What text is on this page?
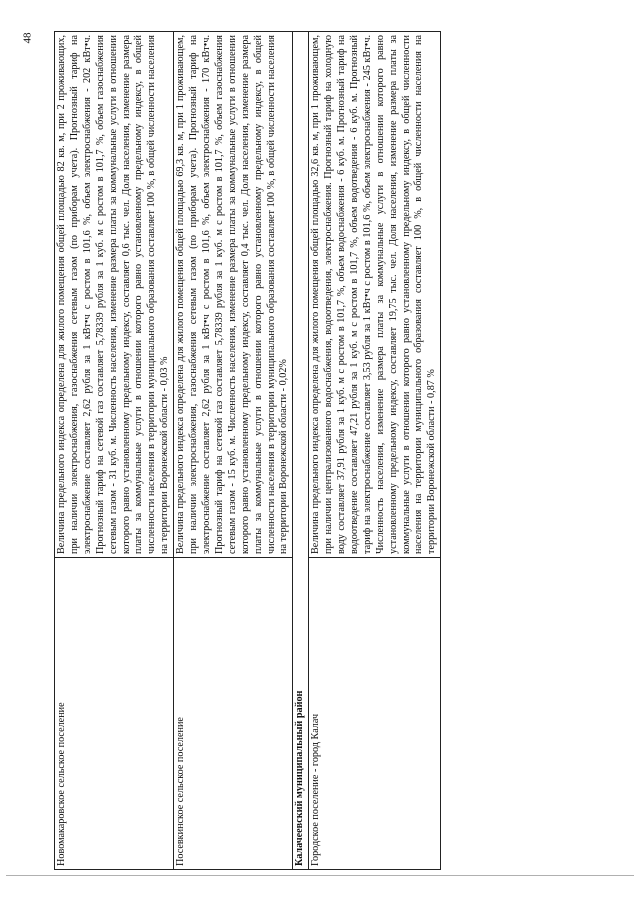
48
Новомакаровское сельское поселение	Величина предельного индекса определена для жилого помещения общей площадью 82 кв. м, при 2 проживающих, при наличии электроснабжения, газоснабжения сетевым газом (по приборам учета). Прогнозный тариф на электроснабжение составляет 2,62 рубля за 1 кВт•ч с ростом в 101,6 %, объем электроснабжения - 202 кВт•ч. Прогнозный тариф на сетевой газ составляет 5,78339 рубля за 1 куб. м с ростом в 101,7 %, объем газоснабжения сетевым газом - 31 куб. м. Численность населения, изменение размера платы за коммунальные услуги в отношении которого равно установленному предельному индексу, составляет 0,6 тыс. чел. Доля населения, изменение размера платы за коммунальные услуги в отношении которого равно установленному предельному индексу, в общей численности населения в территории муниципального образования составляет 100 %, в общей численности населения на территории Воронежской области - 0,03 %
Посевкинское сельское поселение	Величина предельного индекса определена для жилого помещения общей площадью 69,3 кв. м, при 1 проживающем, при наличии электроснабжения, газоснабжения сетевым газом (по приборам учета). Прогнозный тариф на электроснабжение составляет 2,62 рубля за 1 кВт•ч с ростом в 101,6 %, объем электроснабжения - 170 кВт•ч. Прогнозный тариф на сетевой газ составляет 5,78339 рубля за 1 куб. м с ростом в 101,7 %, объем газоснабжения сетевым газом - 15 куб. м. Численность населения, изменение размера платы за коммунальные услуги в отношении которого равно установленному предельному индексу, составляет 0,4 тыс. чел. Доля населения, изменение размера платы за коммунальные услуги в отношении которого равно установленному предельному индексу, в общей численности населения в территории муниципального образования составляет 100 %, в общей численности населения на территории Воронежской области - 0,02%
Калачеевский муниципальный район	
Городское поселение - город Калач	Величина предельного индекса определена для жилого помещения общей площадью 32,6 кв. м, при 1 проживающем, при наличии централизованного водоснабжения, водоотведения, электроснабжения. Прогнозный тариф на холодную воду составляет 37,91 рубля за 1 куб. м с ростом в 101,7 %, объем водоснабжения - 6 куб. м. Прогнозный тариф на водоотведение составляет 47,21 рубля за 1 куб. м с ростом в 101,7 %, объем водотведения - 6 куб. м. Прогнозный тариф на электроснабжение составляет 3,53 рубля за 1 кВт•ч с ростом в 101,6 %, объем электроснабжения - 245 кВт•ч. Численность населения, изменение размера платы за коммунальные услуги в отношении которого равно установленному предельному индексу, составляет 19,75 тыс. чел. Доля населения, изменение размера платы за коммунальные услуги в отношении которого равно установленному предельному индексу, в общей численности населения на территории муниципального образования составляет 100 %, в общей численности населения на территории Воронежской области - 0,87 %
